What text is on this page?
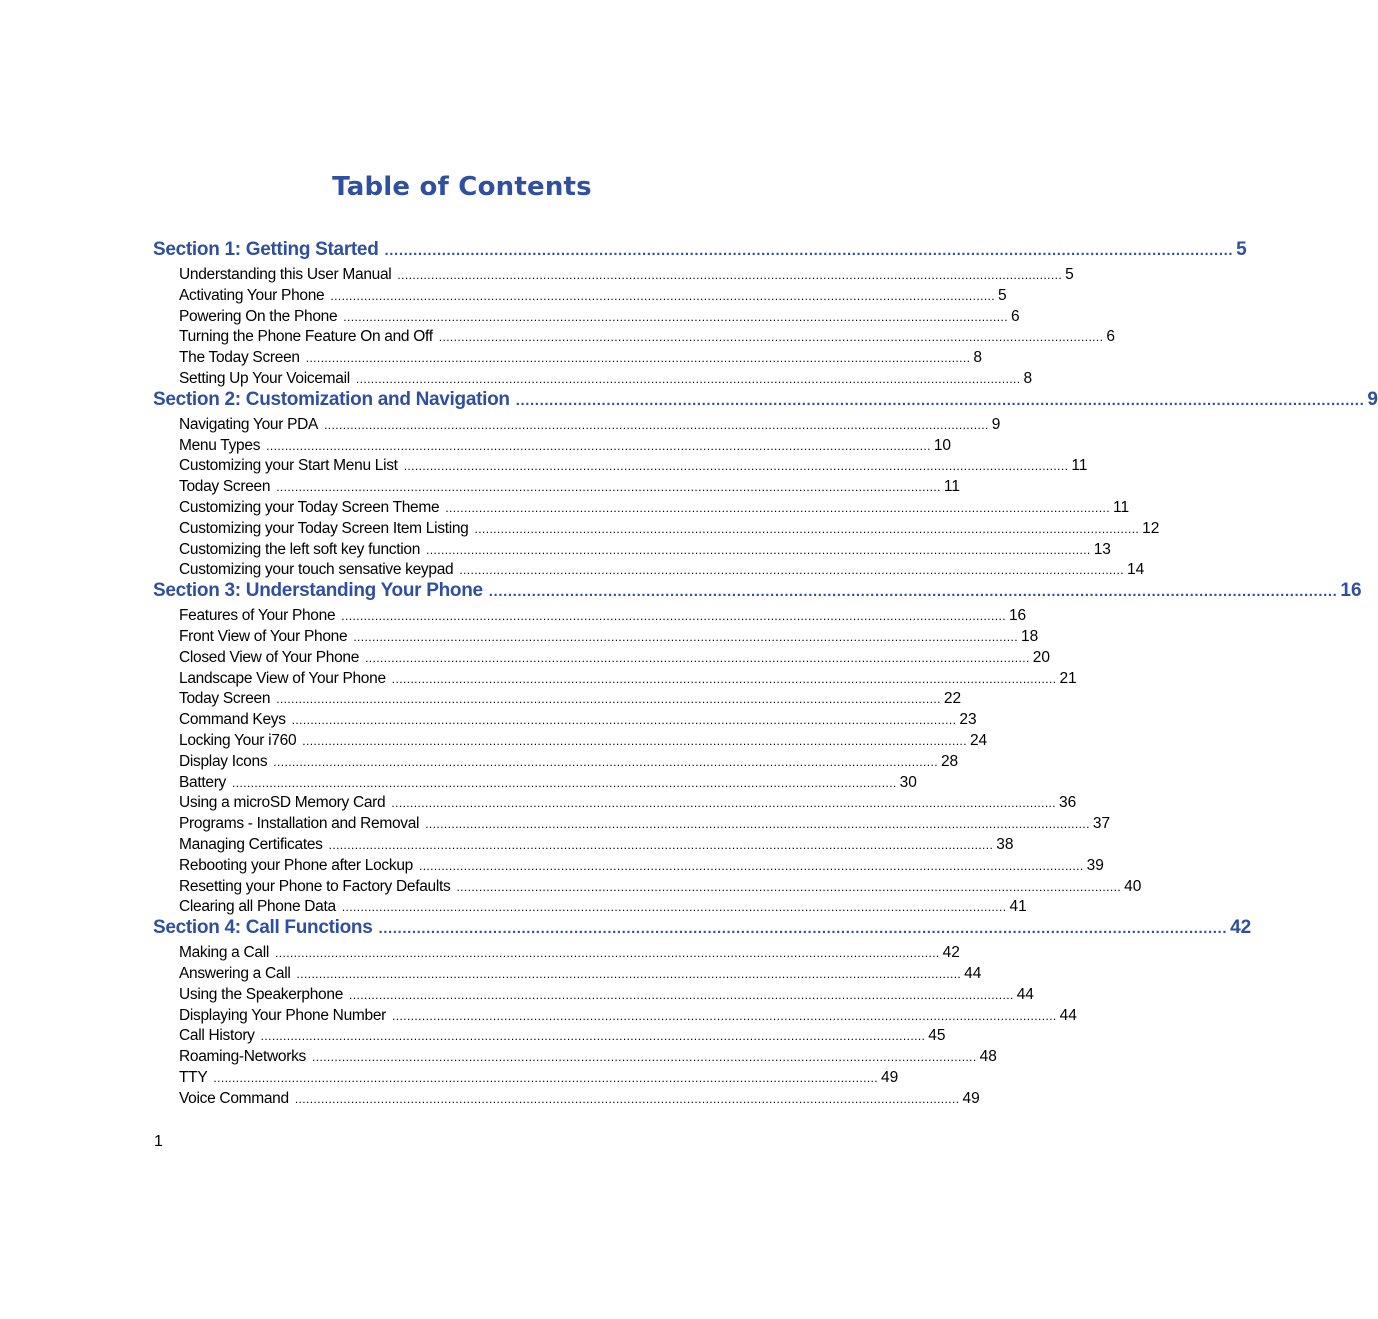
Table of Contents
Section 1: Getting Started .................................................................................................................................................................................. 5
Understanding this User Manual .................................................................................................................................................................................. 5
Activating Your Phone .................................................................................................................................................................................. 5
Powering On the Phone .................................................................................................................................................................................. 6
Turning the Phone Feature On and Off .................................................................................................................................................................................. 6
The Today Screen .................................................................................................................................................................................. 8
Setting Up Your Voicemail .................................................................................................................................................................................. 8
Section 2: Customization and Navigation .................................................................................................................................................................................. 9
Navigating Your PDA .................................................................................................................................................................................. 9
Menu Types .................................................................................................................................................................................. 10
Customizing your Start Menu List .................................................................................................................................................................................. 11
Today Screen .................................................................................................................................................................................. 11
Customizing your Today Screen Theme .................................................................................................................................................................................. 11
Customizing your Today Screen Item Listing .................................................................................................................................................................................. 12
Customizing the left soft key function .................................................................................................................................................................................. 13
Customizing your touch sensative keypad .................................................................................................................................................................................. 14
Section 3: Understanding Your Phone .................................................................................................................................................................................. 16
Features of Your Phone .................................................................................................................................................................................. 16
Front View of Your Phone .................................................................................................................................................................................. 18
Closed View of Your Phone .................................................................................................................................................................................. 20
Landscape View of Your Phone .................................................................................................................................................................................. 21
Today Screen .................................................................................................................................................................................. 22
Command Keys .................................................................................................................................................................................. 23
Locking Your i760 .................................................................................................................................................................................. 24
Display Icons .................................................................................................................................................................................. 28
Battery .................................................................................................................................................................................. 30
Using a microSD Memory Card .................................................................................................................................................................................. 36
Programs - Installation and Removal .................................................................................................................................................................................. 37
Managing Certificates .................................................................................................................................................................................. 38
Rebooting your Phone after Lockup .................................................................................................................................................................................. 39
Resetting your Phone to Factory Defaults .................................................................................................................................................................................. 40
Clearing all Phone Data .................................................................................................................................................................................. 41
Section 4: Call Functions .................................................................................................................................................................................. 42
Making a Call .................................................................................................................................................................................. 42
Answering a Call .................................................................................................................................................................................. 44
Using the Speakerphone .................................................................................................................................................................................. 44
Displaying Your Phone Number .................................................................................................................................................................................. 44
Call History .................................................................................................................................................................................. 45
Roaming-Networks .................................................................................................................................................................................. 48
TTY .................................................................................................................................................................................. 49
Voice Command .................................................................................................................................................................................. 49
1
